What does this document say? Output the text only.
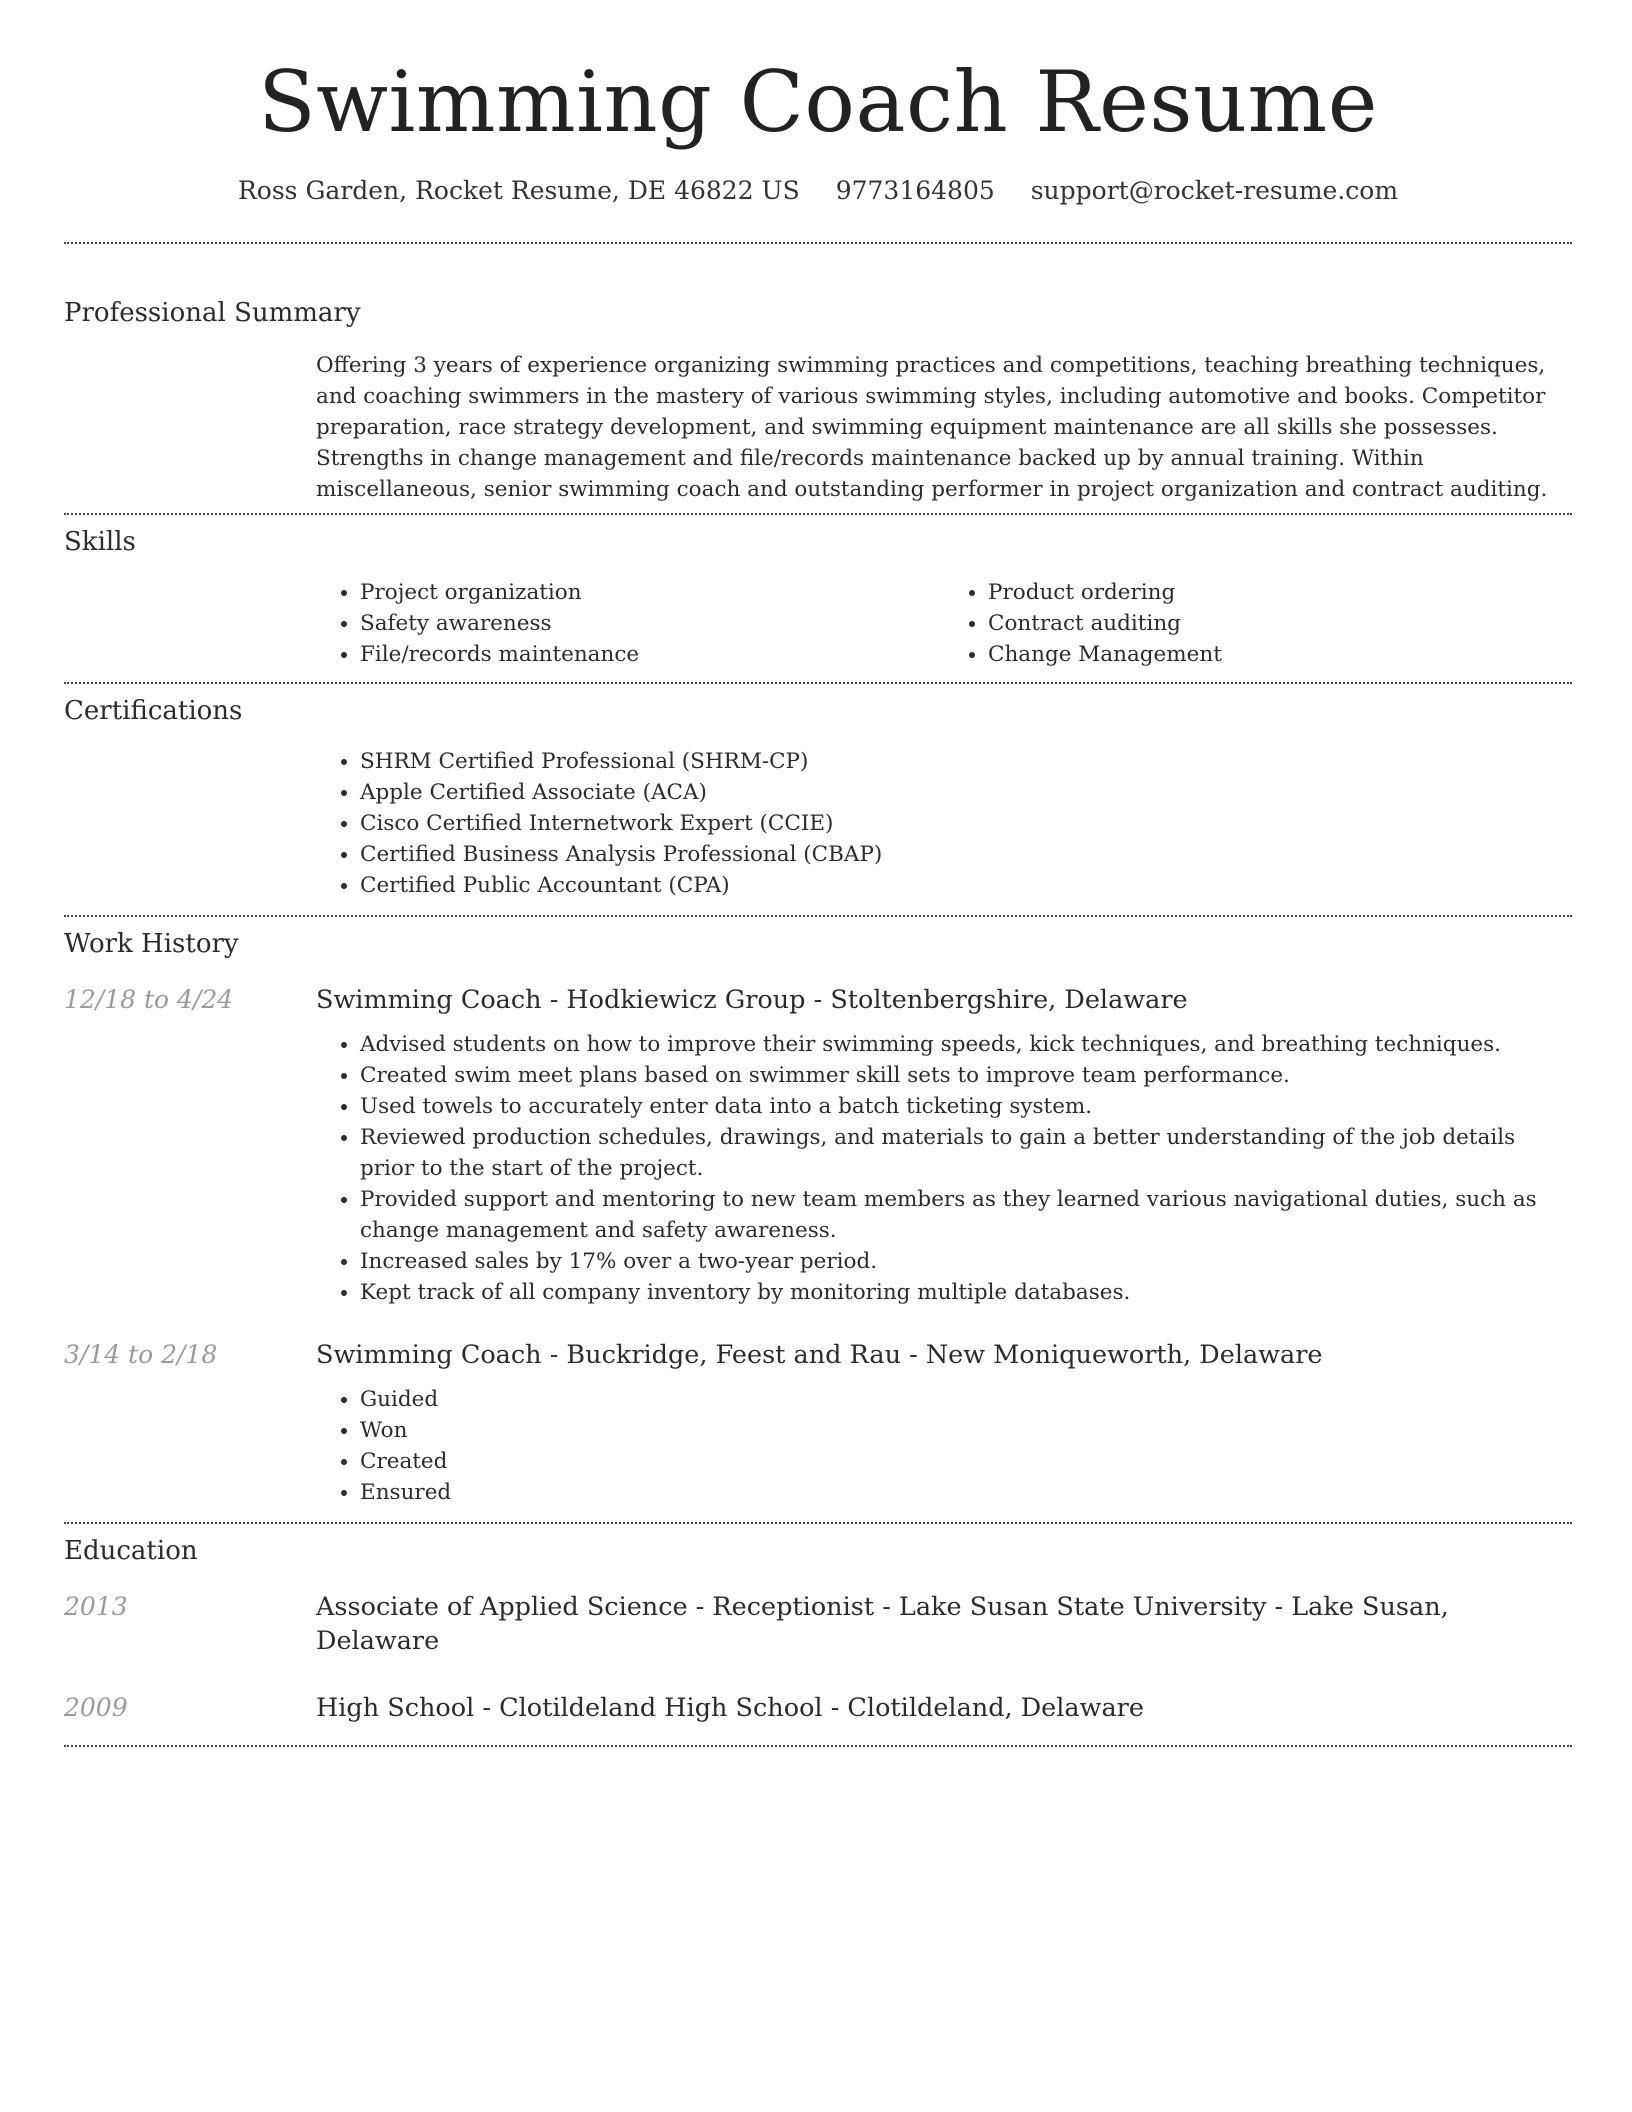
Swimming Coach Resume
Ross Garden, Rocket Resume, DE 46822 US 9773164805 support@rocket-resume.com
Professional Summary

Offering 3 years of experience organizing swimming practices and competitions, teaching breathing techniques, and coaching swimmers in the mastery of various swimming styles, including automotive and books. Competitor preparation, race strategy development, and swimming equipment maintenance are all skills she possesses. Strengths in change management and file/records maintenance backed up by annual training. Within miscellaneous, senior swimming coach and outstanding performer in project organization and contract auditing.

Skills
• Project organization
• Safety awareness
• File/records maintenance
• Product ordering
• Contract auditing
• Change Management
Certifications
• SHRM Certified Professional (SHRM-CP)
• Apple Certified Associate (ACA)
• Cisco Certified Internetwork Expert (CCIE)
• Certified Business Analysis Professional (CBAP)
• Certified Public Accountant (CPA)
Work History
12/18 to 4/24	Swimming Coach - Hodkiewicz Group - Stoltenbergshire, Delaware
• Advised students on how to improve their swimming speeds, kick techniques, and breathing techniques.
• Created swim meet plans based on swimmer skill sets to improve team performance.
• Used towels to accurately enter data into a batch ticketing system.
• Reviewed production schedules, drawings, and materials to gain a better understanding of the job details prior to the start of the project.
• Provided support and mentoring to new team members as they learned various navigational duties, such as change management and safety awareness.
• Increased sales by 17% over a two-year period.
• Kept track of all company inventory by monitoring multiple databases.
3/14 to 2/18	Swimming Coach - Buckridge, Feest and Rau - New Moniqueworth, Delaware
• Guided
• Won
• Created
• Ensured
Education
2013	Associate of Applied Science - Receptionist - Lake Susan State University - Lake Susan, Delaware
2009	High School - Clotildeland High School - Clotildeland, Delaware
